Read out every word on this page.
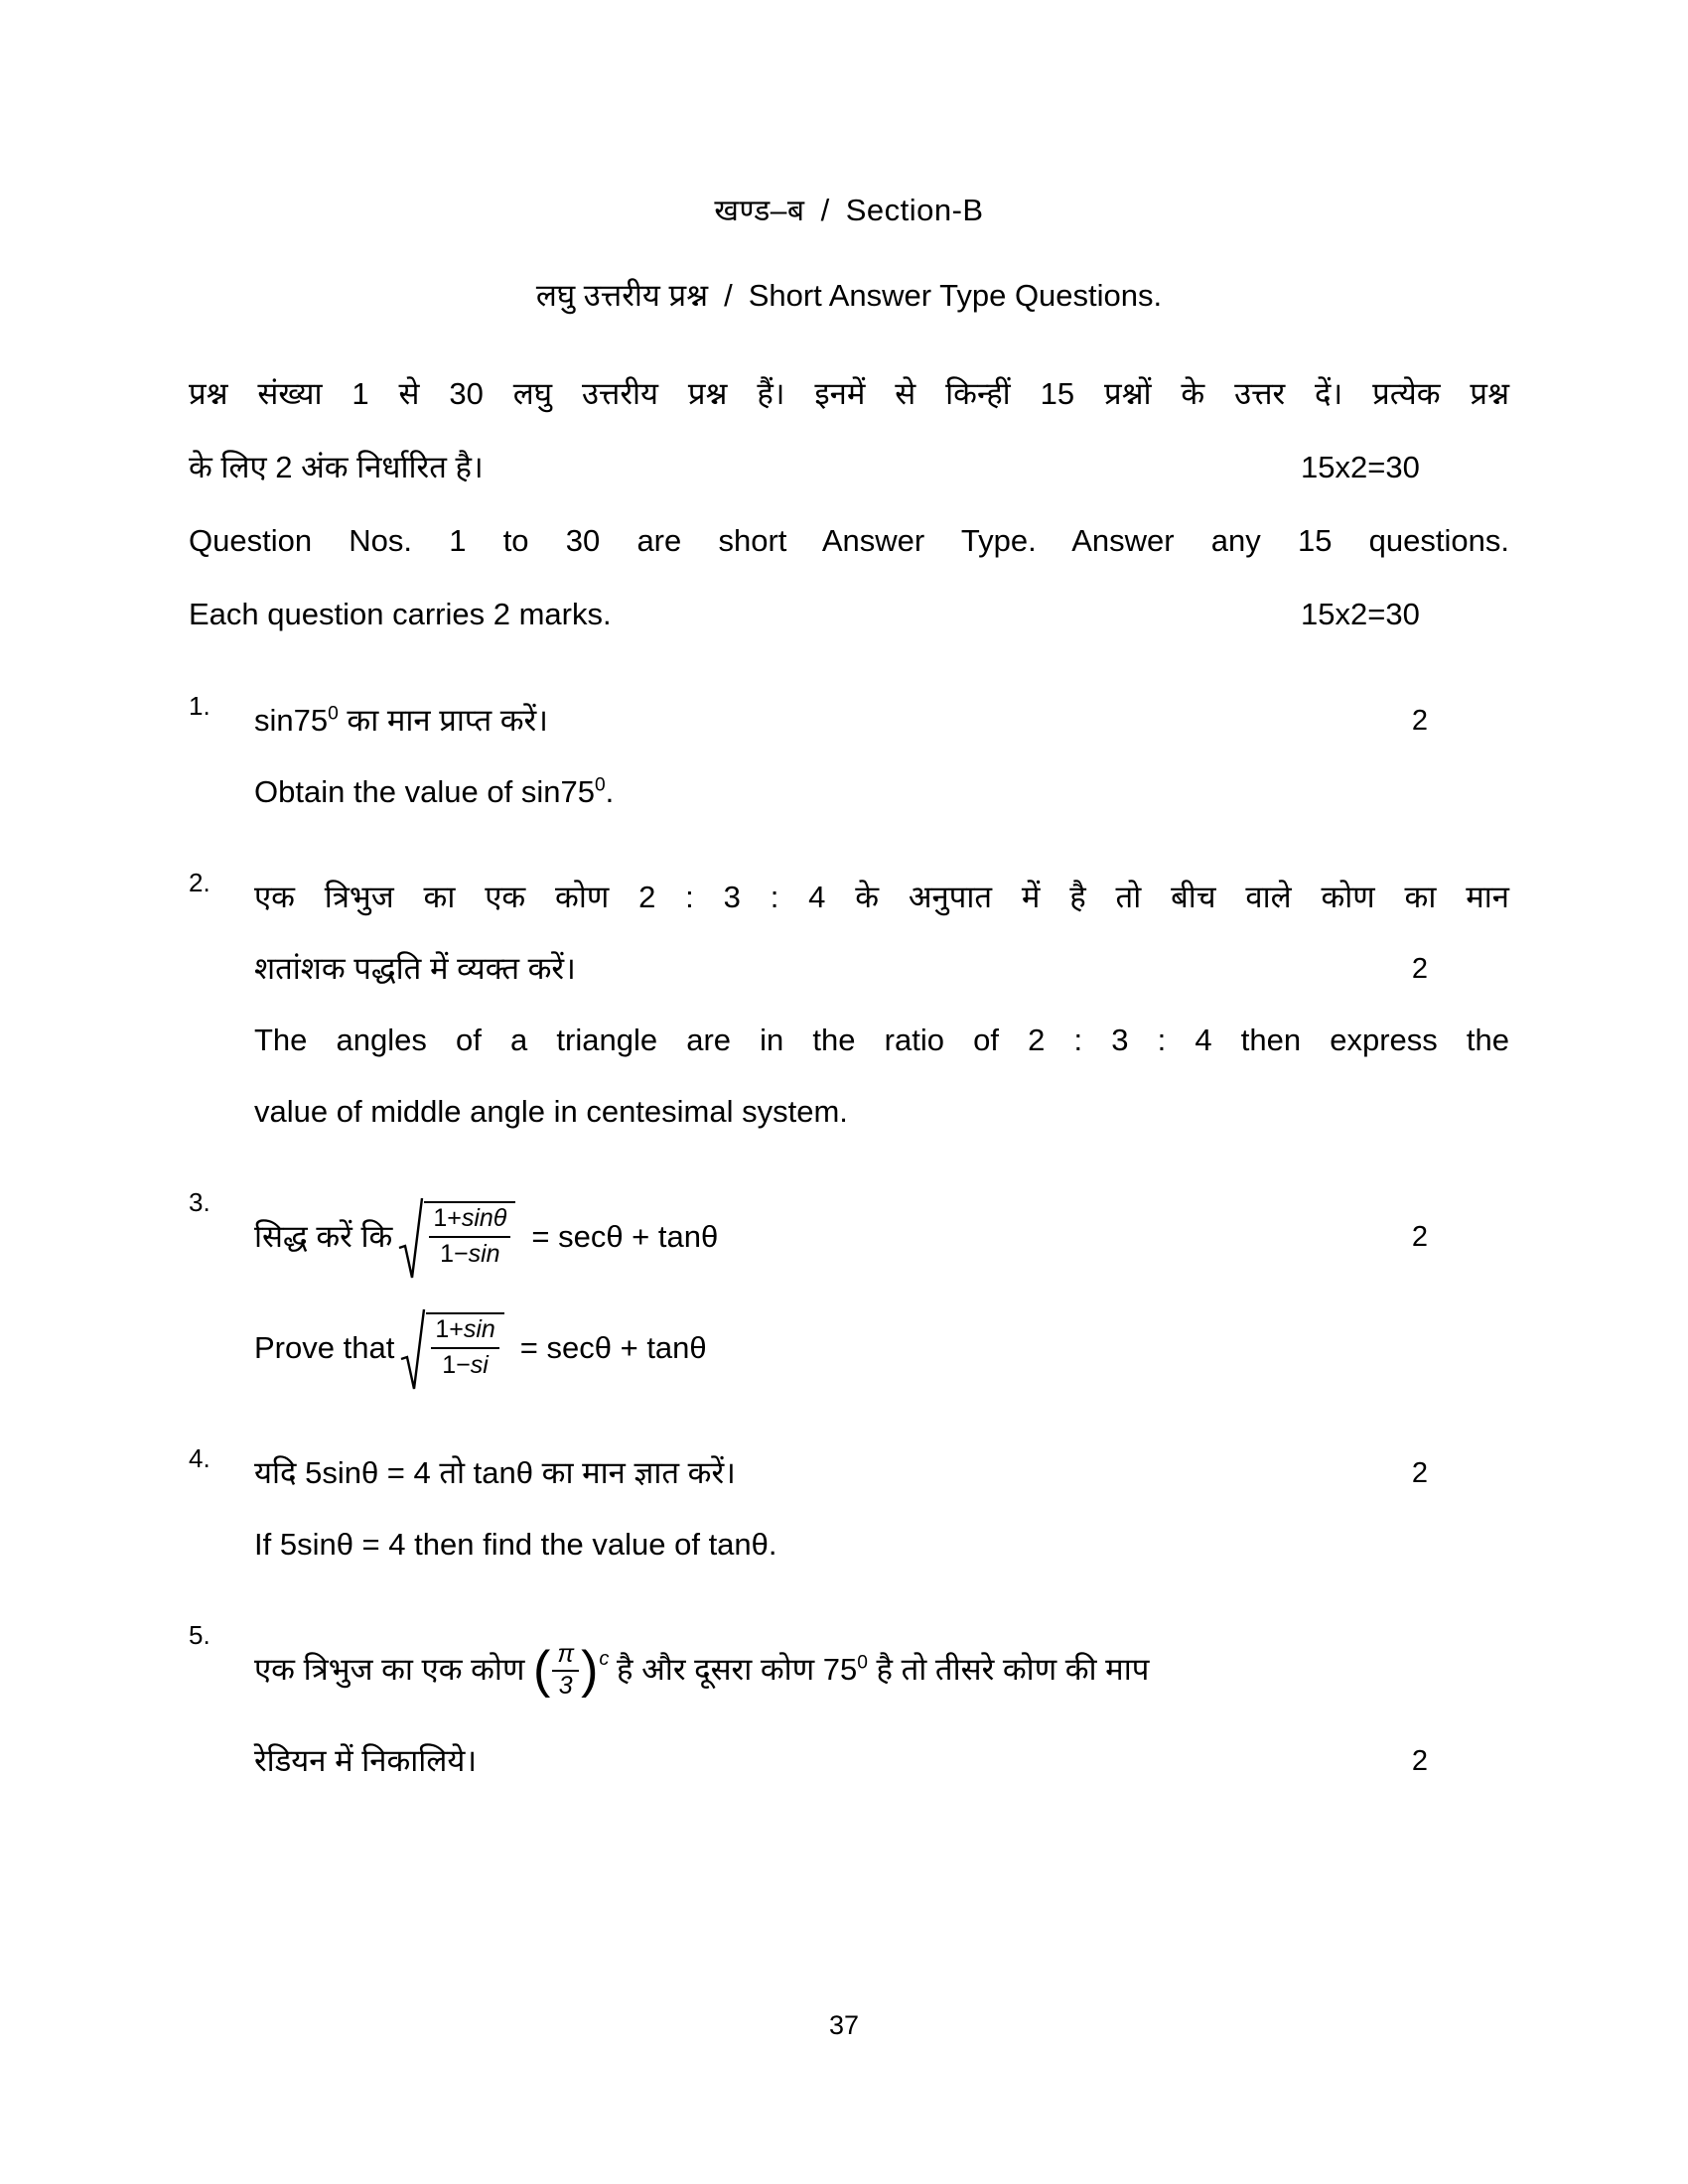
खण्ड–ब / Section-B
लघु उत्तरीय प्रश्न / Short Answer Type Questions.
प्रश्न संख्या 1 से 30 लघु उत्तरीय प्रश्न हैं। इनमें से किन्हीं 15 प्रश्नों के उत्तर दें। प्रत्येक प्रश्न
के लिए 2 अंक निर्धारित है।	15x2=30
Question Nos. 1 to 30 are short Answer Type. Answer any 15 questions.
Each question carries 2 marks.	15x2=30
1.	$\sin 75^0$ का मान प्राप्त करें।	2
Obtain the value of $\sin 75^0$.
2.	एक त्रिभुज का एक कोण 2 : 3 : 4 के अनुपात में है तो बीच वाले कोण का मान
शतांशक पद्धति में व्यक्त करें।	2
The angles of a triangle are in the ratio of 2 : 3 : 4 then express the
value of middle angle in centesimal system.
3.
सिद्ध करें कि $\frac{1+\sin\theta}{1-\sin} = \sec\theta + \tan\theta$	2
Prove that $\frac{1+\sin}{1-si} = \sec\theta + \tan\theta$
4.	यदि 5sinθ = 4 तो tanθ का मान ज्ञात करें।	2
If 5sinθ = 4 then find the value of tanθ.
5.
एक त्रिभुज का एक कोण ( $\frac{\pi}{3}$ ) c है और दूसरा कोण $75^0$ है तो तीसरे कोण की माप
रेडियन में निकालिये।	2
37
